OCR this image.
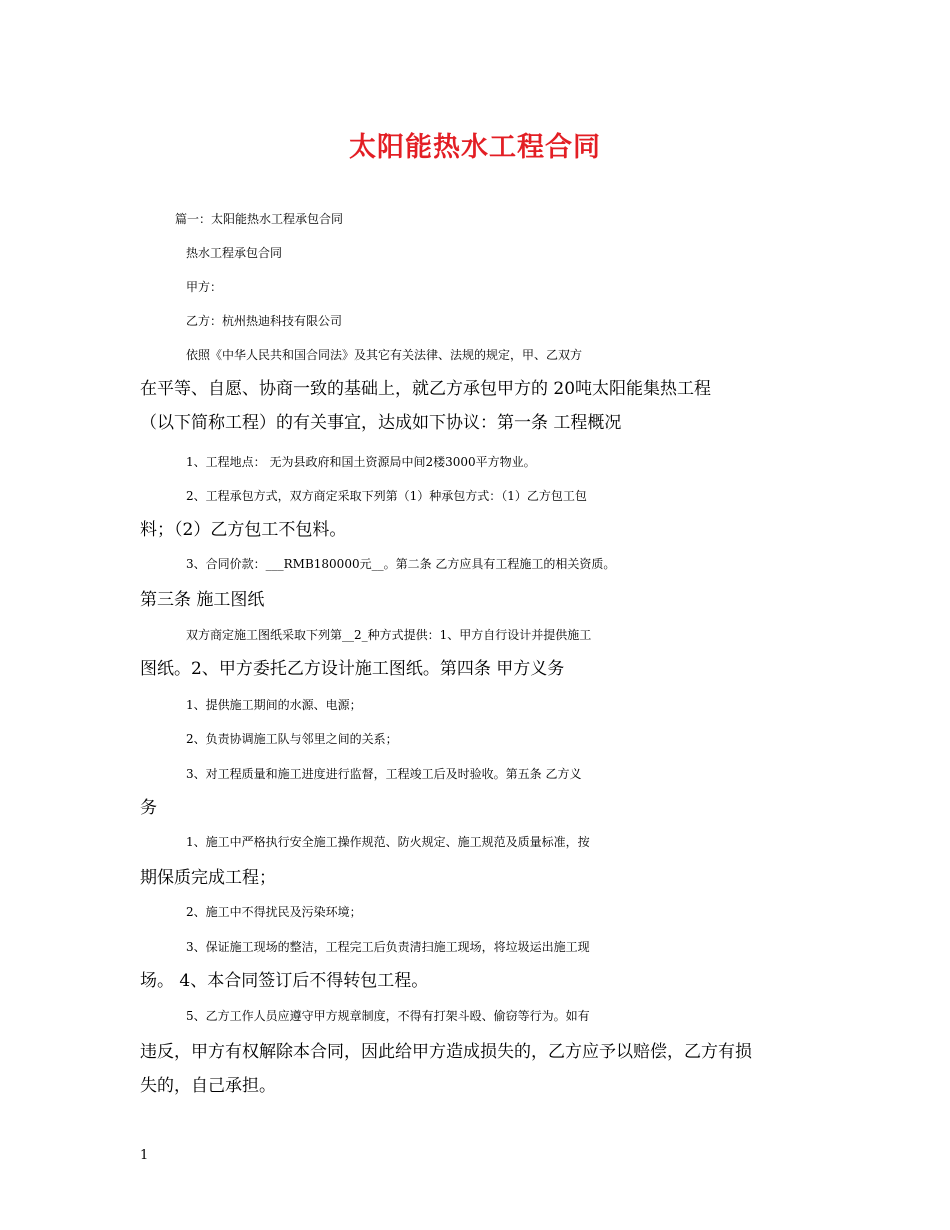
太阳能热水工程合同
篇一：太阳能热水工程承包合同
热水工程承包合同
甲方：
乙方：杭州热迪科技有限公司
依照《中华人民共和国合同法》及其它有关法律、法规的规定，甲、乙双方
在平等、自愿、协商一致的基础上，就乙方承包甲方的 20吨太阳能集热工程
（以下简称工程）的有关事宜，达成如下协议：第一条 工程概况
1、工程地点： 无为县政府和国土资源局中间2楼3000平方物业。
2、工程承包方式，双方商定采取下列第（1）种承包方式：（1）乙方包工包
料；（2）乙方包工不包料。
3、合同价款：___RMB180000元__。第二条 乙方应具有工程施工的相关资质。
第三条 施工图纸
双方商定施工图纸采取下列第__2_种方式提供：1、甲方自行设计并提供施工
图纸。2、甲方委托乙方设计施工图纸。第四条 甲方义务
1、提供施工期间的水源、电源；
2、负责协调施工队与邻里之间的关系；
3、对工程质量和施工进度进行监督，工程竣工后及时验收。第五条 乙方义
务
1、施工中严格执行安全施工操作规范、防火规定、施工规范及质量标准，按
期保质完成工程；
2、施工中不得扰民及污染环境；
3、保证施工现场的整洁，工程完工后负责清扫施工现场，将垃圾运出施工现
场。 4、本合同签订后不得转包工程。
5、乙方工作人员应遵守甲方规章制度，不得有打架斗殴、偷窃等行为。如有
违反，甲方有权解除本合同，因此给甲方造成损失的，乙方应予以赔偿，乙方有损
失的，自己承担。
1
